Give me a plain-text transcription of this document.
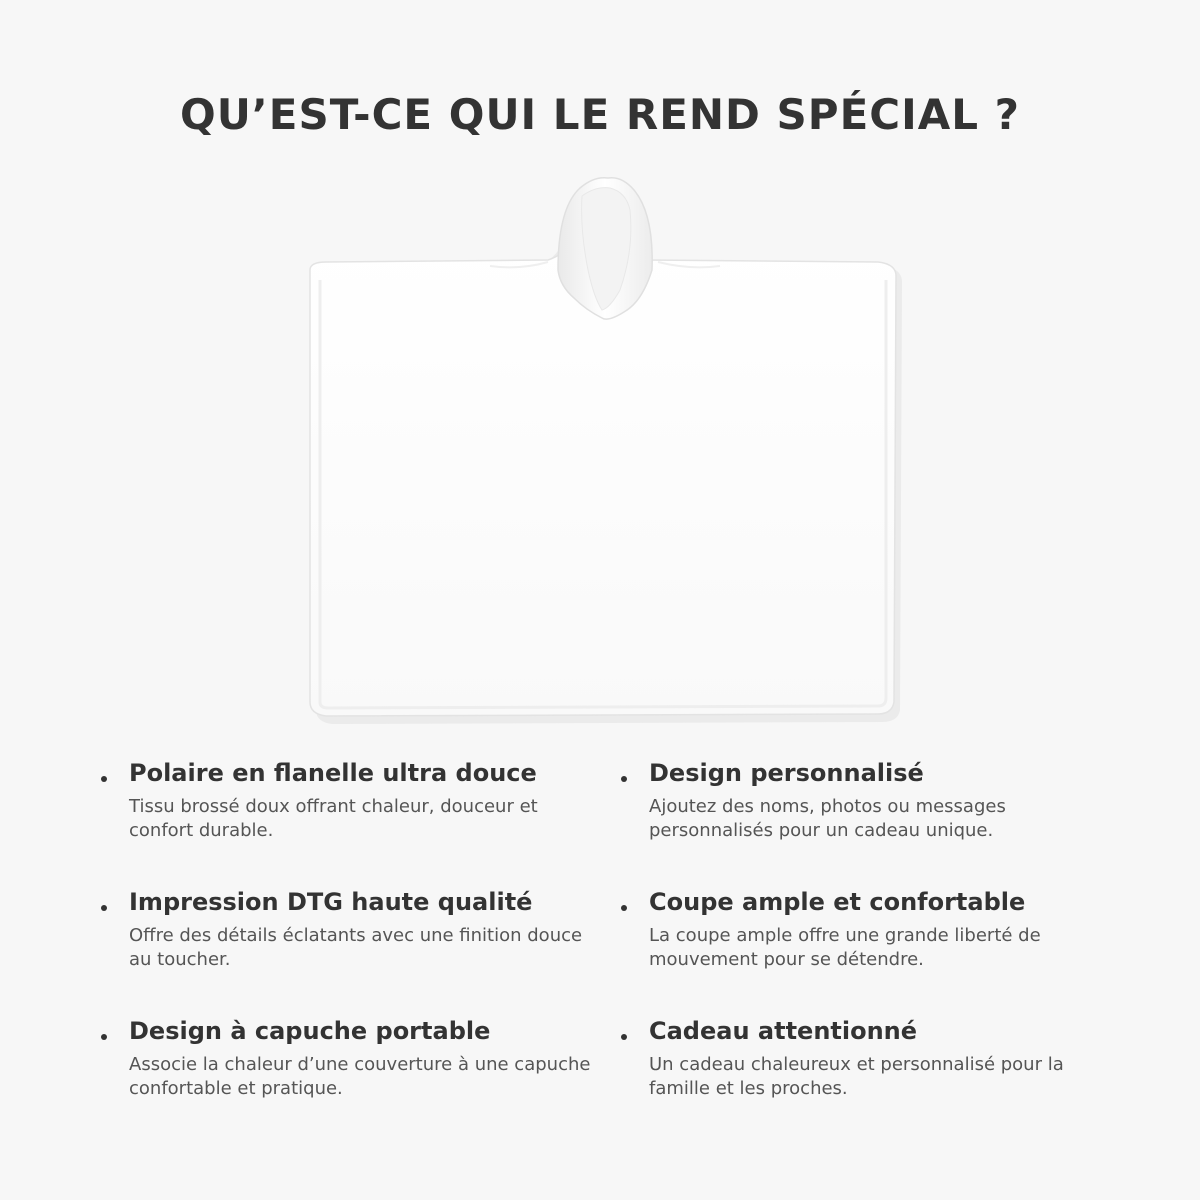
QU’EST-CE QUI LE REND SPÉCIAL ?
Polaire en flanelle ultra douce
Tissu brossé doux offrant chaleur, douceur et confort durable.
Design personnalisé
Ajoutez des noms, photos ou messages personnalisés pour un cadeau unique.
Impression DTG haute qualité
Offre des détails éclatants avec une finition douce au toucher.
Coupe ample et confortable
La coupe ample offre une grande liberté de mouvement pour se détendre.
Design à capuche portable
Associe la chaleur d’une couverture à une capuche confortable et pratique.
Cadeau attentionné
Un cadeau chaleureux et personnalisé pour la famille et les proches.
